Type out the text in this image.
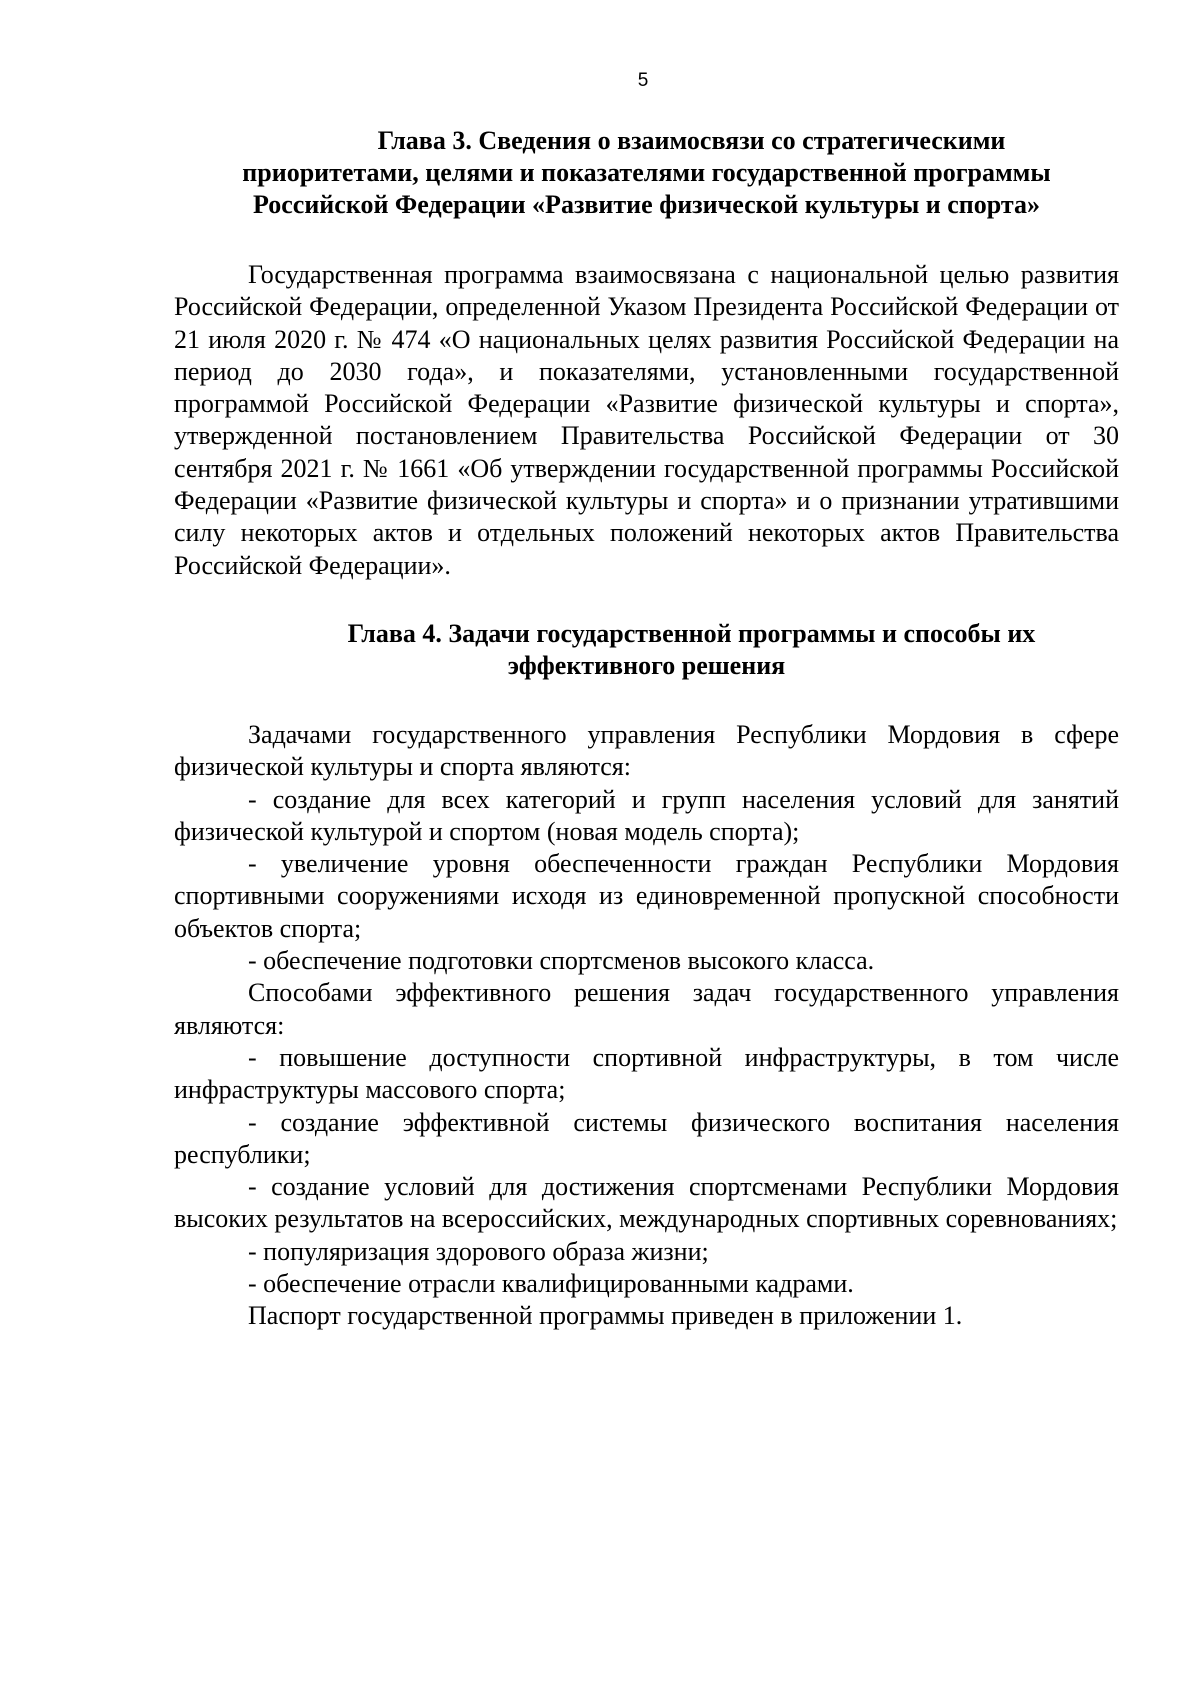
5
Глава 3. Сведения о взаимосвязи со стратегическими
приоритетами, целями и показателями государственной программы
Российской Федерации «Развитие физической культуры и спорта»

Государственная программа взаимосвязана с национальной целью развития Российской Федерации, определенной Указом Президента Российской Федерации от 21 июля 2020 г. № 474 «О национальных целях развития Российской Федерации на период до 2030 года», и показателями, установленными государственной программой Российской Федерации «Развитие физической культуры и спорта», утвержденной постановлением Правительства Российской Федерации от 30 сентября 2021 г. № 1661 «Об утверждении государственной программы Российской Федерации «Развитие физической культуры и спорта» и о признании утратившими силу некоторых актов и отдельных положений некоторых актов Правительства Российской Федерации».

Глава 4. Задачи государственной программы и способы их
эффективного решения

Задачами государственного управления Республики Мордовия в сфере физической культуры и спорта являются:

- создание для всех категорий и групп населения условий для занятий физической культурой и спортом (новая модель спорта);

- увеличение уровня обеспеченности граждан Республики Мордовия спортивными сооружениями исходя из единовременной пропускной способности объектов спорта;

- обеспечение подготовки спортсменов высокого класса.

Способами эффективного решения задач государственного управления являются:

- повышение доступности спортивной инфраструктуры, в том числе инфраструктуры массового спорта;

- создание эффективной системы физического воспитания населения республики;

- создание условий для достижения спортсменами Республики Мордовия высоких результатов на всероссийских, международных спортивных соревнованиях;

- популяризация здорового образа жизни;

- обеспечение отрасли квалифицированными кадрами.

Паспорт государственной программы приведен в приложении 1.
